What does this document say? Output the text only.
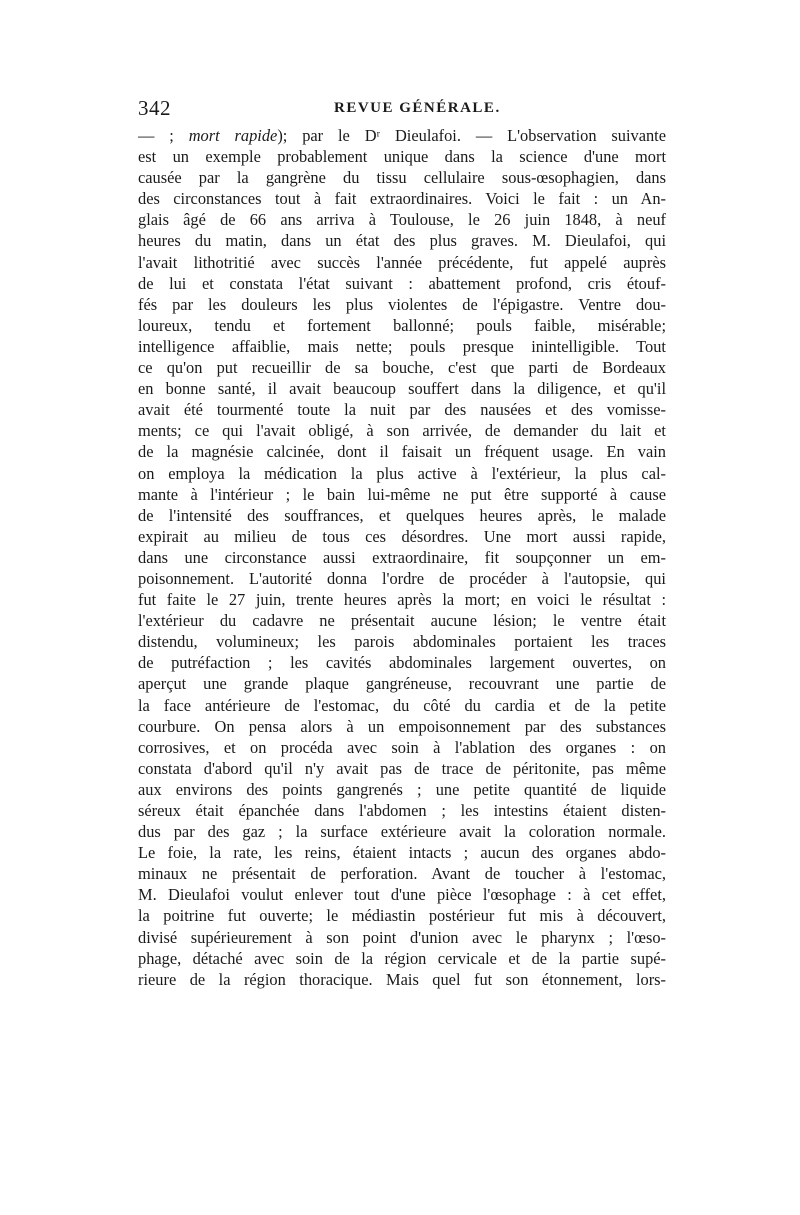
342	REVUE GÉNÉRALE.
— ; mort rapide); par le Dʳ Dieulafoi. — L'observation suivante
est un exemple probablement unique dans la science d'une mort
causée par la gangrène du tissu cellulaire sous-œsophagien, dans
des circonstances tout à fait extraordinaires. Voici le fait : un An-
glais âgé de 66 ans arriva à Toulouse, le 26 juin 1848, à neuf
heures du matin, dans un état des plus graves. M. Dieulafoi, qui
l'avait lithotritié avec succès l'année précédente, fut appelé auprès
de lui et constata l'état suivant : abattement profond, cris étouf-
fés par les douleurs les plus violentes de l'épigastre. Ventre dou-
loureux, tendu et fortement ballonné; pouls faible, misérable;
intelligence affaiblie, mais nette; pouls presque inintelligible. Tout
ce qu'on put recueillir de sa bouche, c'est que parti de Bordeaux
en bonne santé, il avait beaucoup souffert dans la diligence, et qu'il
avait été tourmenté toute la nuit par des nausées et des vomisse-
ments; ce qui l'avait obligé, à son arrivée, de demander du lait et
de la magnésie calcinée, dont il faisait un fréquent usage. En vain
on employa la médication la plus active à l'extérieur, la plus cal-
mante à l'intérieur ; le bain lui-même ne put être supporté à cause
de l'intensité des souffrances, et quelques heures après, le malade
expirait au milieu de tous ces désordres. Une mort aussi rapide,
dans une circonstance aussi extraordinaire, fit soupçonner un em-
poisonnement. L'autorité donna l'ordre de procéder à l'autopsie, qui
fut faite le 27 juin, trente heures après la mort; en voici le résultat :
l'extérieur du cadavre ne présentait aucune lésion; le ventre était
distendu, volumineux; les parois abdominales portaient les traces
de putréfaction ; les cavités abdominales largement ouvertes, on
aperçut une grande plaque gangréneuse, recouvrant une partie de
la face antérieure de l'estomac, du côté du cardia et de la petite
courbure. On pensa alors à un empoisonnement par des substances
corrosives, et on procéda avec soin à l'ablation des organes : on
constata d'abord qu'il n'y avait pas de trace de péritonite, pas même
aux environs des points gangrenés ; une petite quantité de liquide
séreux était épanchée dans l'abdomen ; les intestins étaient disten-
dus par des gaz ; la surface extérieure avait la coloration normale.
Le foie, la rate, les reins, étaient intacts ; aucun des organes abdo-
minaux ne présentait de perforation. Avant de toucher à l'estomac,
M. Dieulafoi voulut enlever tout d'une pièce l'œsophage : à cet effet,
la poitrine fut ouverte; le médiastin postérieur fut mis à découvert,
divisé supérieurement à son point d'union avec le pharynx ; l'œso-
phage, détaché avec soin de la région cervicale et de la partie supé-
rieure de la région thoracique. Mais quel fut son étonnement, lors-
